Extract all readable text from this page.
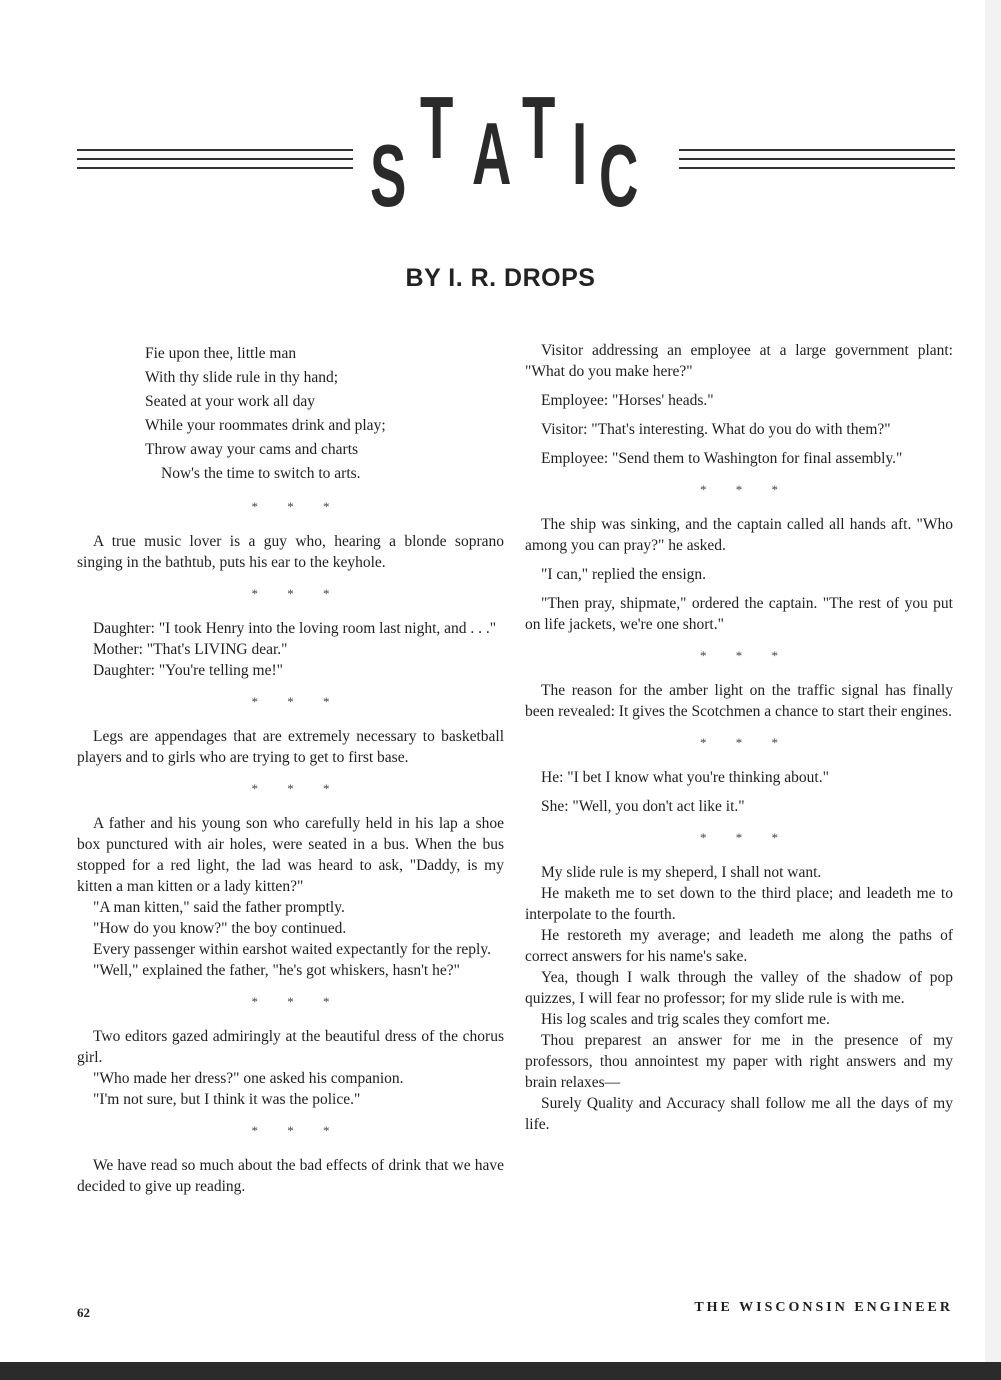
S T A T I C
BY I. R. DROPS
Fie upon thee, little man
With thy slide rule in thy hand;
Seated at your work all day
While your roommates drink and play;
Throw away your cams and charts
Now's the time to switch to arts.
* * *

A true music lover is a guy who, hearing a blonde soprano singing in the bathtub, puts his ear to the keyhole.

* * *

Daughter: "I took Henry into the loving room last night, and . . ."

Mother: "That's LIVING dear."

Daughter: "You're telling me!"

* * *

Legs are appendages that are extremely necessary to basketball players and to girls who are trying to get to first base.

* * *

A father and his young son who carefully held in his lap a shoe box punctured with air holes, were seated in a bus. When the bus stopped for a red light, the lad was heard to ask, "Daddy, is my kitten a man kitten or a lady kitten?"

"A man kitten," said the father promptly.

"How do you know?" the boy continued.

Every passenger within earshot waited expectantly for the reply.

"Well," explained the father, "he's got whiskers, hasn't he?"

* * *

Two editors gazed admiringly at the beautiful dress of the chorus girl.

"Who made her dress?" one asked his companion.

"I'm not sure, but I think it was the police."

* * *

We have read so much about the bad effects of drink that we have decided to give up reading.

Visitor addressing an employee at a large government plant: "What do you make here?"

Employee: "Horses' heads."

Visitor: "That's interesting. What do you do with them?"

Employee: "Send them to Washington for final assembly."

* * *

The ship was sinking, and the captain called all hands aft. "Who among you can pray?" he asked.

"I can," replied the ensign.

"Then pray, shipmate," ordered the captain. "The rest of you put on life jackets, we're one short."

* * *

The reason for the amber light on the traffic signal has finally been revealed: It gives the Scotchmen a chance to start their engines.

* * *

He: "I bet I know what you're thinking about."

She: "Well, you don't act like it."

* * *

My slide rule is my sheperd, I shall not want.

He maketh me to set down to the third place; and leadeth me to interpolate to the fourth.

He restoreth my average; and leadeth me along the paths of correct answers for his name's sake.

Yea, though I walk through the valley of the shadow of pop quizzes, I will fear no professor; for my slide rule is with me.

His log scales and trig scales they comfort me.

Thou preparest an answer for me in the presence of my professors, thou annointest my paper with right answers and my brain relaxes—

Surely Quality and Accuracy shall follow me all the days of my life.

62	THE WISCONSIN ENGINEER
